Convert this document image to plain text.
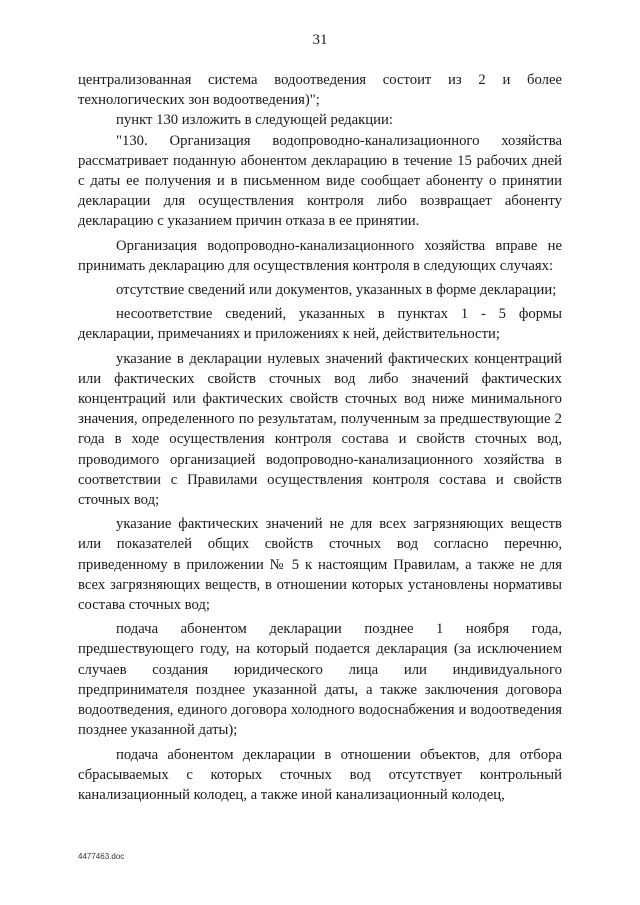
31

централизованная система водоотведения состоит из 2 и более технологических зон водоотведения)";

пункт 130 изложить в следующей редакции:

"130. Организация водопроводно-канализационного хозяйства рассматривает поданную абонентом декларацию в течение 15 рабочих дней с даты ее получения и в письменном виде сообщает абоненту о принятии декларации для осуществления контроля либо возвращает абоненту декларацию с указанием причин отказа в ее принятии.

Организация водопроводно-канализационного хозяйства вправе не принимать декларацию для осуществления контроля в следующих случаях:

отсутствие сведений или документов, указанных в форме декларации;

несоответствие сведений, указанных в пунктах 1 - 5 формы декларации, примечаниях и приложениях к ней, действительности;

указание в декларации нулевых значений фактических концентраций или фактических свойств сточных вод либо значений фактических концентраций или фактических свойств сточных вод ниже минимального значения, определенного по результатам, полученным за предшествующие 2 года в ходе осуществления контроля состава и свойств сточных вод, проводимого организацией водопроводно-канализационного хозяйства в соответствии с Правилами осуществления контроля состава и свойств сточных вод;

указание фактических значений не для всех загрязняющих веществ или показателей общих свойств сточных вод согласно перечню, приведенному в приложении № 5 к настоящим Правилам, а также не для всех загрязняющих веществ, в отношении которых установлены нормативы состава сточных вод;

подача абонентом декларации позднее 1 ноября года, предшествующего году, на который подается декларация (за исключением случаев создания юридического лица или индивидуального предпринимателя позднее указанной даты, а также заключения договора водоотведения, единого договора холодного водоснабжения и водоотведения позднее указанной даты);

подача абонентом декларации в отношении объектов, для отбора сбрасываемых с которых сточных вод отсутствует контрольный канализационный колодец, а также иной канализационный колодец,

4477463.doc
